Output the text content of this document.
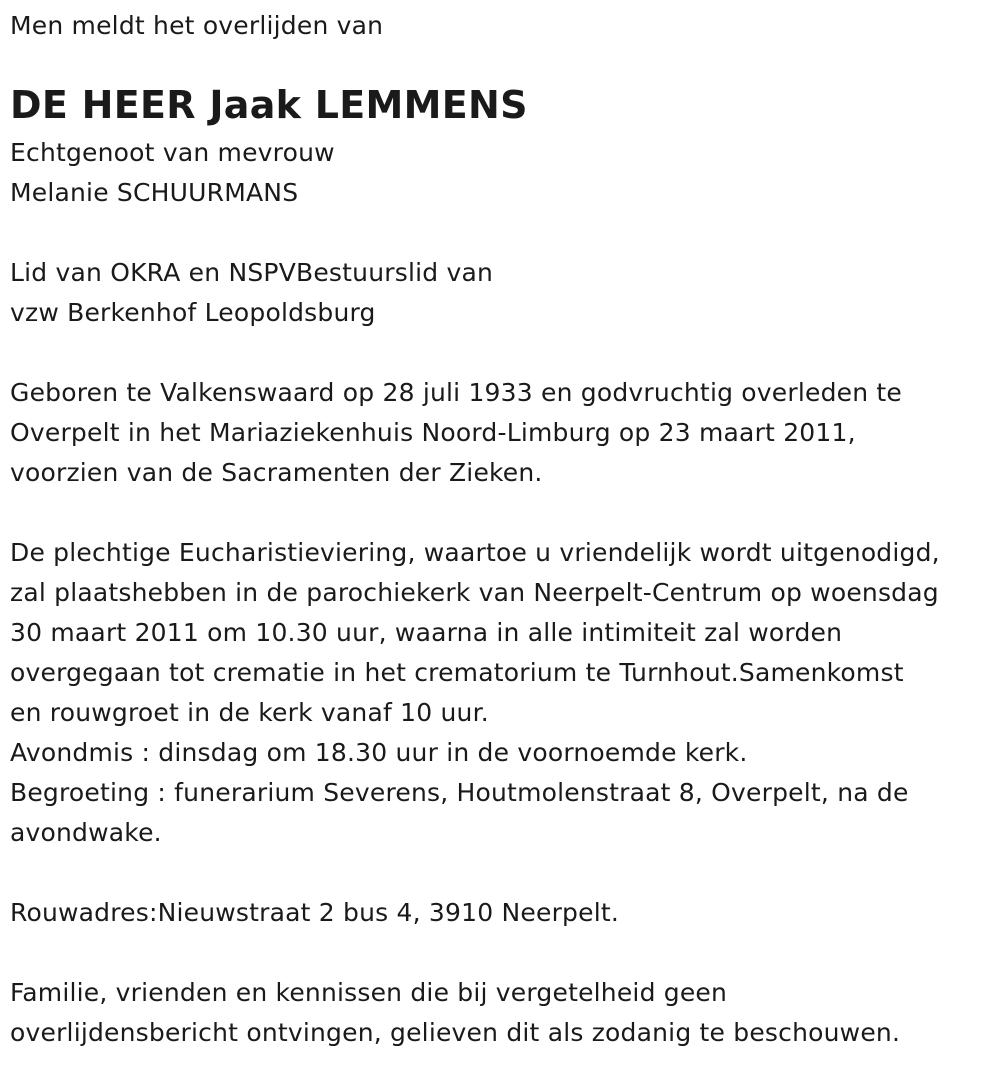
Men meldt het overlijden van
DE HEER Jaak LEMMENS
Echtgenoot van mevrouw
Melanie SCHUURMANS
Lid van OKRA en NSPVBestuurslid van
vzw Berkenhof Leopoldsburg
Geboren te Valkenswaard op 28 juli 1933 en godvruchtig overleden te
Overpelt in het Mariaziekenhuis Noord-Limburg op 23 maart 2011,
voorzien van de Sacramenten der Zieken.
De plechtige Eucharistieviering, waartoe u vriendelijk wordt uitgenodigd,
zal plaatshebben in de parochiekerk van Neerpelt-Centrum op woensdag
30 maart 2011 om 10.30 uur, waarna in alle intimiteit zal worden
overgegaan tot crematie in het crematorium te Turnhout.Samenkomst
en rouwgroet in de kerk vanaf 10 uur.
Avondmis : dinsdag om 18.30 uur in de voornoemde kerk.
Begroeting : funerarium Severens, Houtmolenstraat 8, Overpelt, na de
avondwake.
Rouwadres:Nieuwstraat 2 bus 4, 3910 Neerpelt.
Familie, vrienden en kennissen die bij vergetelheid geen
overlijdensbericht ontvingen, gelieven dit als zodanig te beschouwen.
